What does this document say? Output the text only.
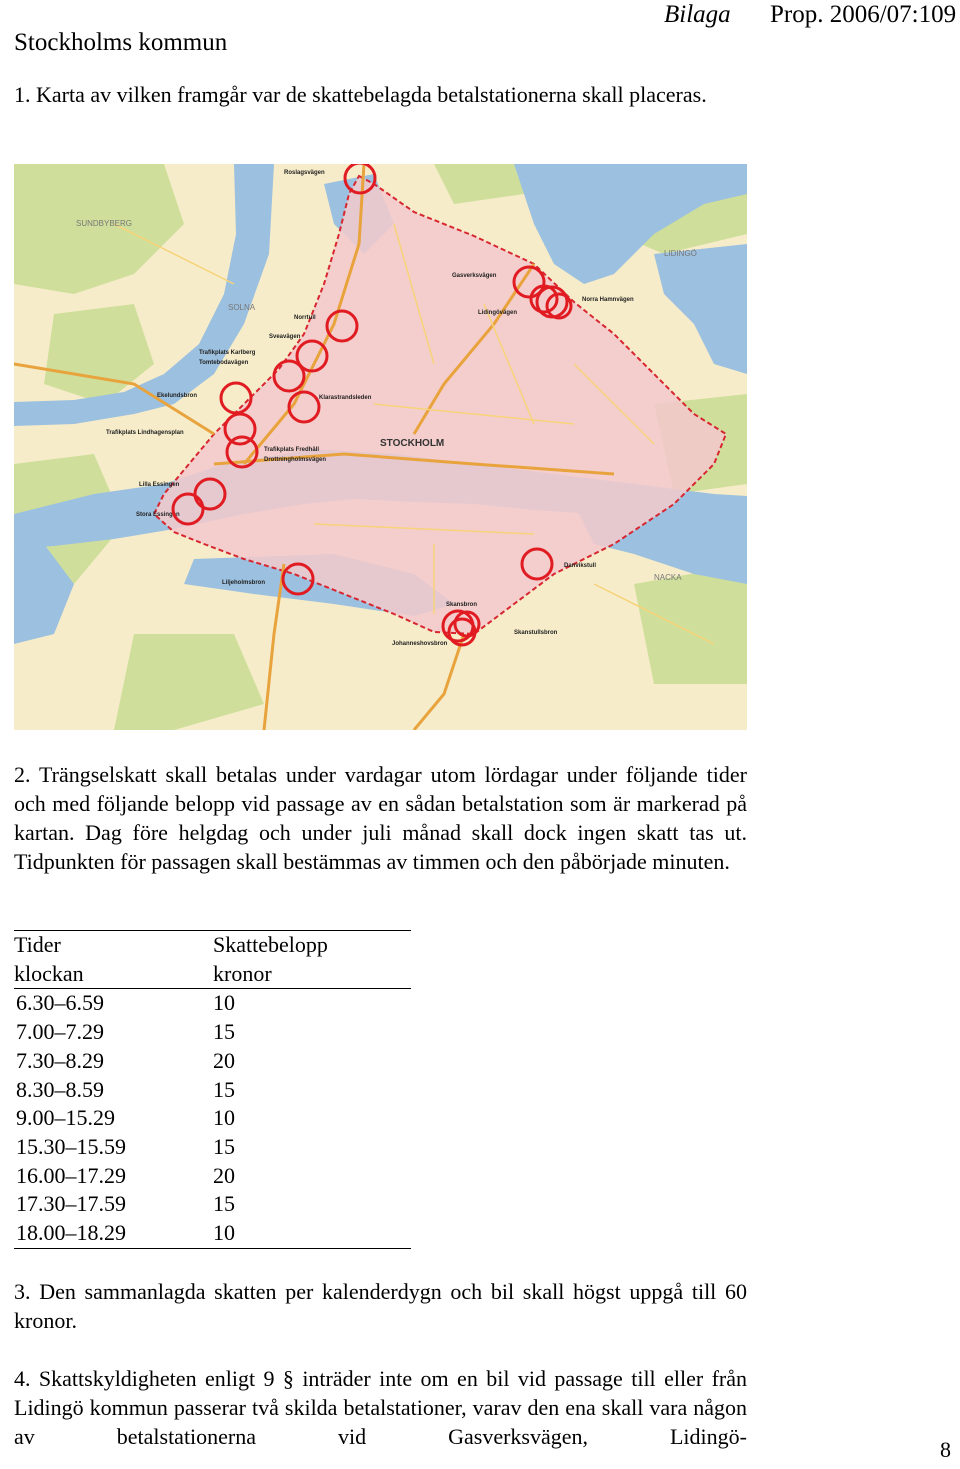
Stockholms kommun
Bilaga Prop. 2006/07:109
1. Karta av vilken framgår var de skattebelagda betalstationerna skall placeras.
SUNDBYBERG
SOLNA
LIDINGÖ
NACKA
STOCKHOLM
Roslagsvägen
Gasverksvägen
Norra Hamnvägen
Lidingövägen
Norrtull
Sveavägen
Trafikplats Karlberg
Tomtebodavägen
Ekelundsbron	Klarastrandsleden
Trafikplats Lindhagensplan
Trafikplats Fredhäll
Drottningholmsvägen
Lilla Essingen
Stora Essingen
Liljeholmsbron
Skansbron
Skanstullsbron
Johanneshovsbron
Danvikstull
2. Trängselskatt skall betalas under vardagar utom lördagar under följande tider och med följande belopp vid passage av en sådan betalstation som är markerad på kartan. Dag före helgdag och under juli månad skall dock ingen skatt tas ut. Tidpunkten för passagen skall bestämmas av timmen och den påbörjade minuten.
Tider	Skattebelopp
klockan	kronor
6.30–6.59	10
7.00–7.29	15
7.30–8.29	20
8.30–8.59	15
9.00–15.29	10
15.30–15.59	15
16.00–17.29	20
17.30–17.59	15
18.00–18.29	10
3. Den sammanlagda skatten per kalenderdygn och bil skall högst uppgå till 60 kronor.
4. Skattskyldigheten enligt 9 § inträder inte om en bil vid passage till eller från Lidingö kommun passerar två skilda betalstationer, varav den ena skall vara någon av betalstationerna vid Gasverksvägen, Lidingö-
8
